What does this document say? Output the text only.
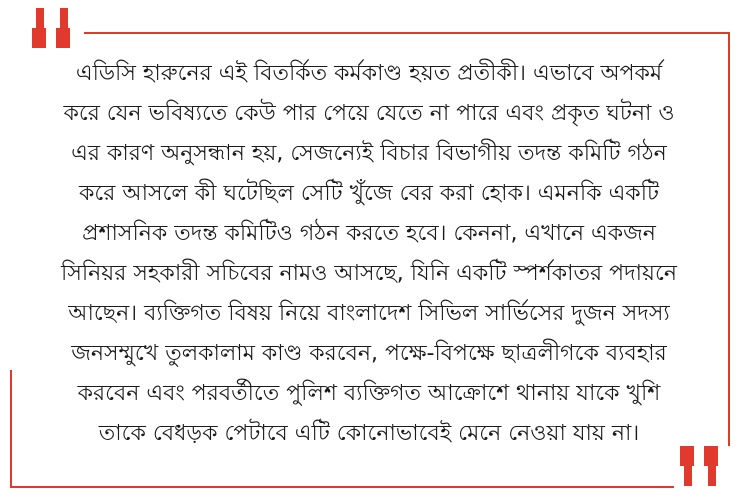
এডিসি হারুনের এই বিতর্কিত কর্মকাণ্ড হয়ত প্রতীকী। এভাবে অপকর্ম
করে যেন ভবিষ্যতে কেউ পার পেয়ে যেতে না পারে এবং প্রকৃত ঘটনা ও
এর কারণ অনুসন্ধান হয়, সেজন্যেই বিচার বিভাগীয় তদন্ত কমিটি গঠন
করে আসলে কী ঘটেছিল সেটি খুঁজে বের করা হোক। এমনকি একটি
প্রশাসনিক তদন্ত কমিটিও গঠন করতে হবে। কেননা, এখানে একজন
সিনিয়র সহকারী সচিবের নামও আসছে, যিনি একটি স্পর্শকাতর পদায়নে
আছেন। ব্যক্তিগত বিষয় নিয়ে বাংলাদেশ সিভিল সার্ভিসের দুজন সদস্য
জনসম্মুখে তুলকালাম কাণ্ড করবেন, পক্ষে-বিপক্ষে ছাত্রলীগকে ব্যবহার
করবেন এবং পরবর্তীতে পুলিশ ব্যক্তিগত আক্রোশে থানায় যাকে খুশি
তাকে বেধড়ক পেটাবে এটি কোনোভাবেই মেনে নেওয়া যায় না।
